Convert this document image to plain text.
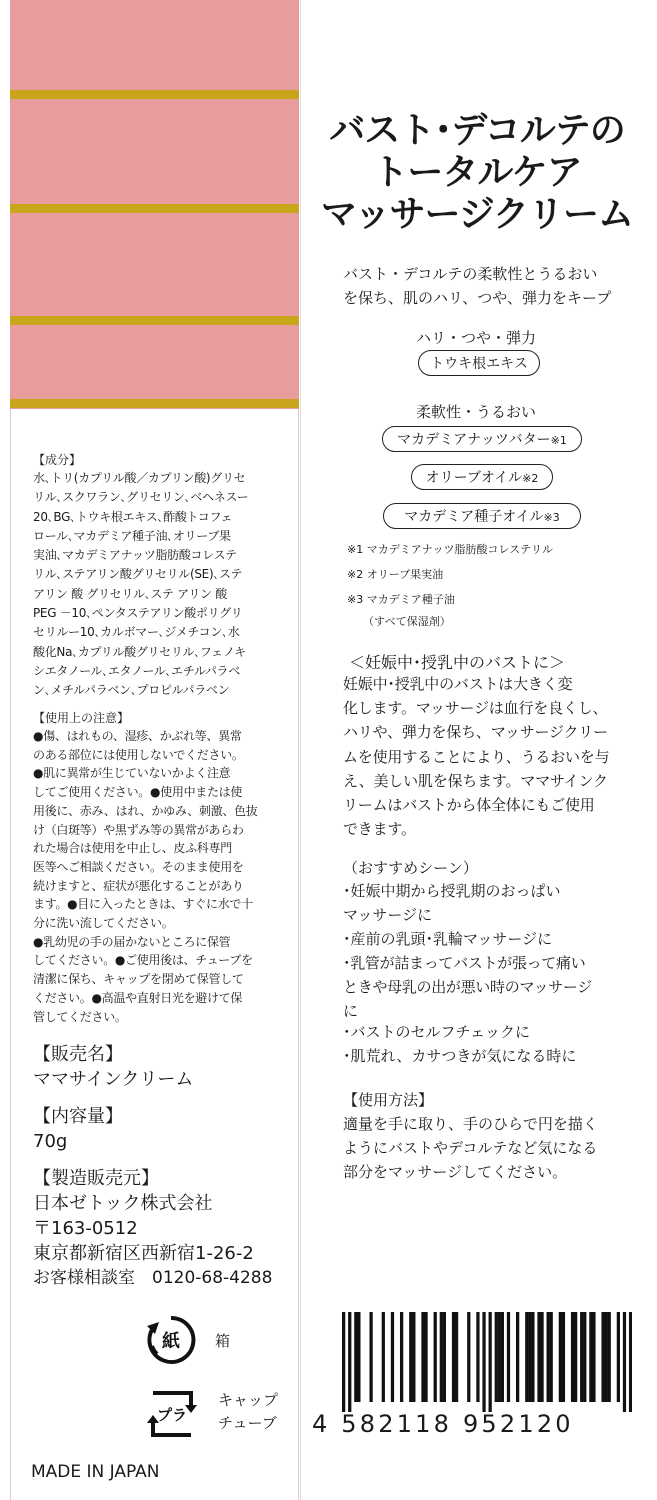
【成分】
水､トリ(カプリル酸／カプリン酸)グリセ
リル､スクワラン､グリセリン､ベヘネスー
20､BG､トウキ根エキス､酢酸トコフェ
ロール､マカデミア種子油､オリーブ果
実油､マカデミアナッツ脂肪酸コレステ
リル､ステアリン酸グリセリル(SE)､ステ
アリン 酸 グリセリル､ステ アリン 酸
PEG －10､ペンタステアリン酸ポリグリ
セリルー10､カルボマー､ジメチコン､水
酸化Na､カプリル酸グリセリル､フェノキ
シエタノール､エタノール､エチルパラベ
ン､メチルパラベン､プロピルパラベン
【使用上の注意】
●傷、はれもの、湿疹、かぶれ等、異常
のある部位には使用しないでください。
●肌に異常が生じていないかよく注意
してご使用ください。●使用中または使
用後に、赤み、はれ、かゆみ、刺激、色抜
け（白斑等）や黒ずみ等の異常があらわ
れた場合は使用を中止し、皮ふ科専門
医等へご相談ください。そのまま使用を
続けますと、症状が悪化することがあり
ます。●目に入ったときは、すぐに水で十
分に洗い流してください。
●乳幼児の手の届かないところに保管
してください。●ご使用後は、チューブを
清潔に保ち、キャップを閉めて保管して
ください。●高温や直射日光を避けて保
管してください。
【販売名】
ママサインクリーム
【内容量】
70g
【製造販売元】
日本ゼトック株式会社
〒163-0512
東京都新宿区西新宿1-26-2
お客様相談室　0120-68-4288
紙 箱
プラ
キャップ
チューブ
MADE IN JAPAN
バスト･デコルテの
トータルケア
マッサージクリーム
バスト・デコルテの柔軟性とうるおい
を保ち、肌のハリ、つや、弾力をキープ
ハリ・つや・弾力
トウキ根エキス
柔軟性・うるおい
マカデミアナッツバター※1
オリーブオイル※2
マカデミア種子オイル※3
※1 マカデミアナッツ脂肪酸コレステリル
※2 オリーブ果実油
※3 マカデミア種子油
（すべて保湿剤）
＜妊娠中･授乳中のバストに＞
妊娠中･授乳中のバストは大きく変
化します。マッサージは血行を良くし、
ハリや、弾力を保ち、マッサージクリー
ムを使用することにより、うるおいを与
え、美しい肌を保ちます。ママサインク
リームはバストから体全体にもご使用
できます。
（おすすめシーン）
･妊娠中期から授乳期のおっぱい
マッサージに
･産前の乳頭･乳輪マッサージに
･乳管が詰まってバストが張って痛い
ときや母乳の出が悪い時のマッサージ
に
･バストのセルフチェックに
･肌荒れ、カサつきが気になる時に
【使用方法】
適量を手に取り、手のひらで円を描く
ようにバストやデコルテなど気になる
部分をマッサージしてください。
4 582118 952120
